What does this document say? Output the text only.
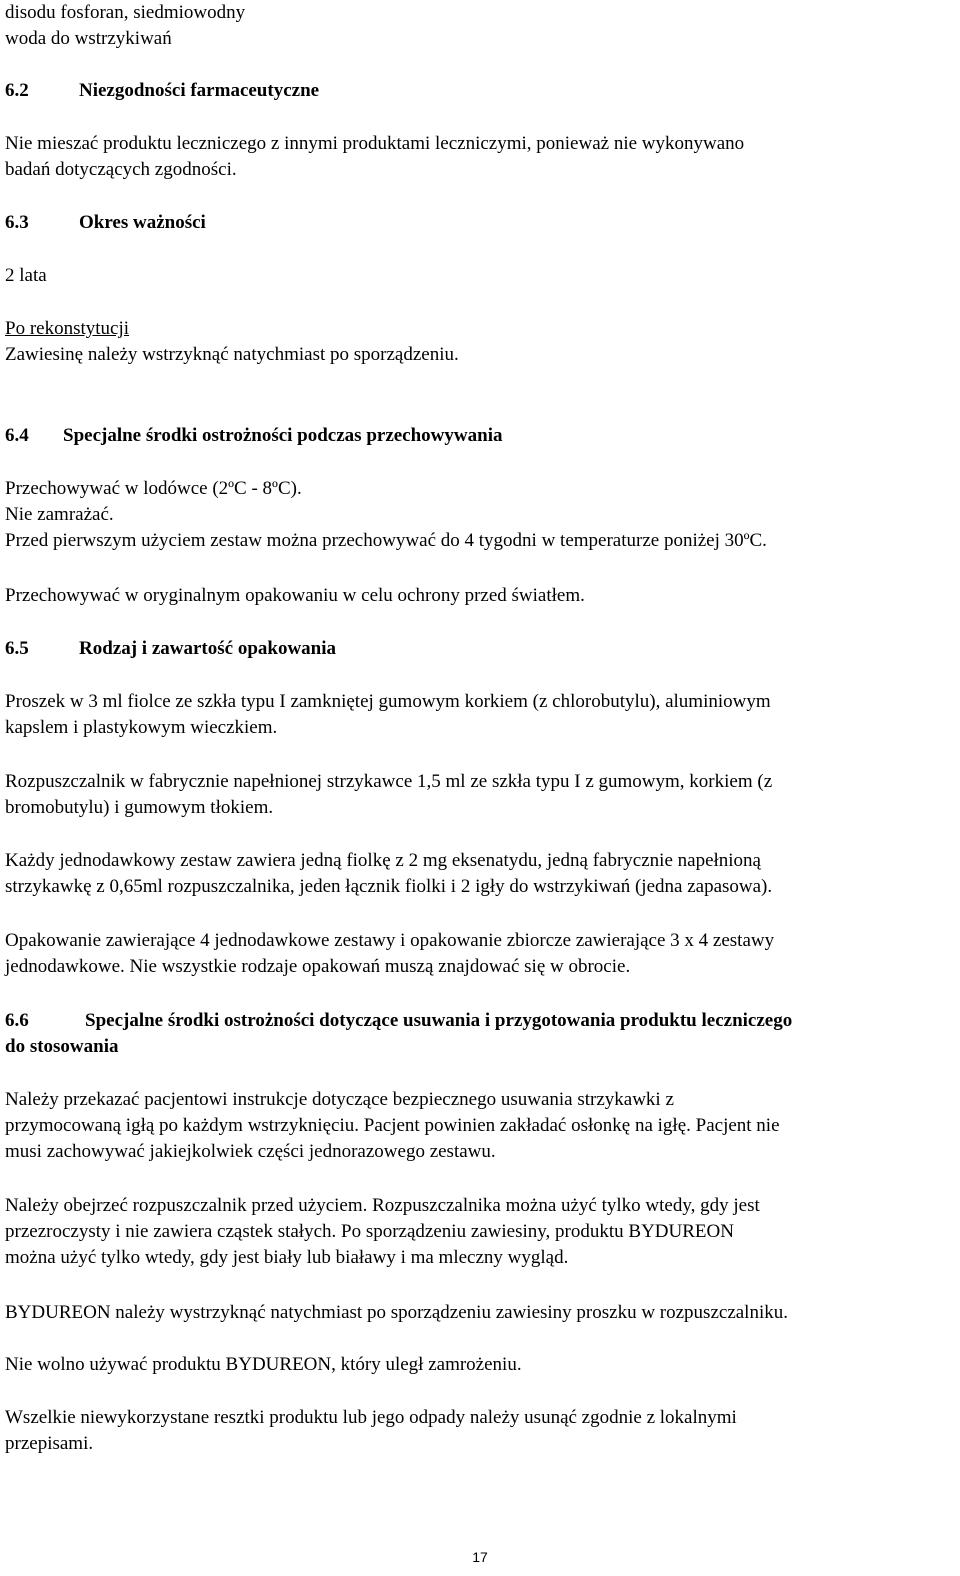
disodu fosforan, siedmiowodny
woda do wstrzykiwań

6.2	Niezgodności farmaceutyczne

Nie mieszać produktu leczniczego z innymi produktami leczniczymi, ponieważ nie wykonywano
badań dotyczących zgodności.

6.3	Okres ważności

2 lata

Po rekonstytucji
Zawiesinę należy wstrzyknąć natychmiast po sporządzeniu.

6.4 Specjalne środki ostrożności podczas przechowywania

Przechowywać w lodówce (2ºC - 8ºC).
Nie zamrażać.
Przed pierwszym użyciem zestaw można przechowywać do 4 tygodni w temperaturze poniżej 30ºC.

Przechowywać w oryginalnym opakowaniu w celu ochrony przed światłem.

6.5	Rodzaj i zawartość opakowania

Proszek w 3 ml fiolce ze szkła typu I zamkniętej gumowym korkiem (z chlorobutylu), aluminiowym
kapslem i plastykowym wieczkiem.

Rozpuszczalnik w fabrycznie napełnionej strzykawce 1,5 ml ze szkła typu I z gumowym, korkiem (z
bromobutylu) i gumowym tłokiem.

Każdy jednodawkowy zestaw zawiera jedną fiolkę z 2 mg eksenatydu, jedną fabrycznie napełnioną
strzykawkę z 0,65ml rozpuszczalnika, jeden łącznik fiolki i 2 igły do wstrzykiwań (jedna zapasowa).

Opakowanie zawierające 4 jednodawkowe zestawy i opakowanie zbiorcze zawierające 3 x 4 zestawy
jednodawkowe. Nie wszystkie rodzaje opakowań muszą znajdować się w obrocie.

6.6	Specjalne środki ostrożności dotyczące usuwania i przygotowania produktu leczniczego
do stosowania

Należy przekazać pacjentowi instrukcje dotyczące bezpiecznego usuwania strzykawki z
przymocowaną igłą po każdym wstrzyknięciu. Pacjent powinien zakładać osłonkę na igłę. Pacjent nie
musi zachowywać jakiejkolwiek części jednorazowego zestawu.

Należy obejrzeć rozpuszczalnik przed użyciem. Rozpuszczalnika można użyć tylko wtedy, gdy jest
przezroczysty i nie zawiera cząstek stałych. Po sporządzeniu zawiesiny, produktu BYDUREON
można użyć tylko wtedy, gdy jest biały lub białawy i ma mleczny wygląd.

BYDUREON należy wystrzyknąć natychmiast po sporządzeniu zawiesiny proszku w rozpuszczalniku.

Nie wolno używać produktu BYDUREON, który uległ zamrożeniu.

Wszelkie niewykorzystane resztki produktu lub jego odpady należy usunąć zgodnie z lokalnymi
przepisami.

17
